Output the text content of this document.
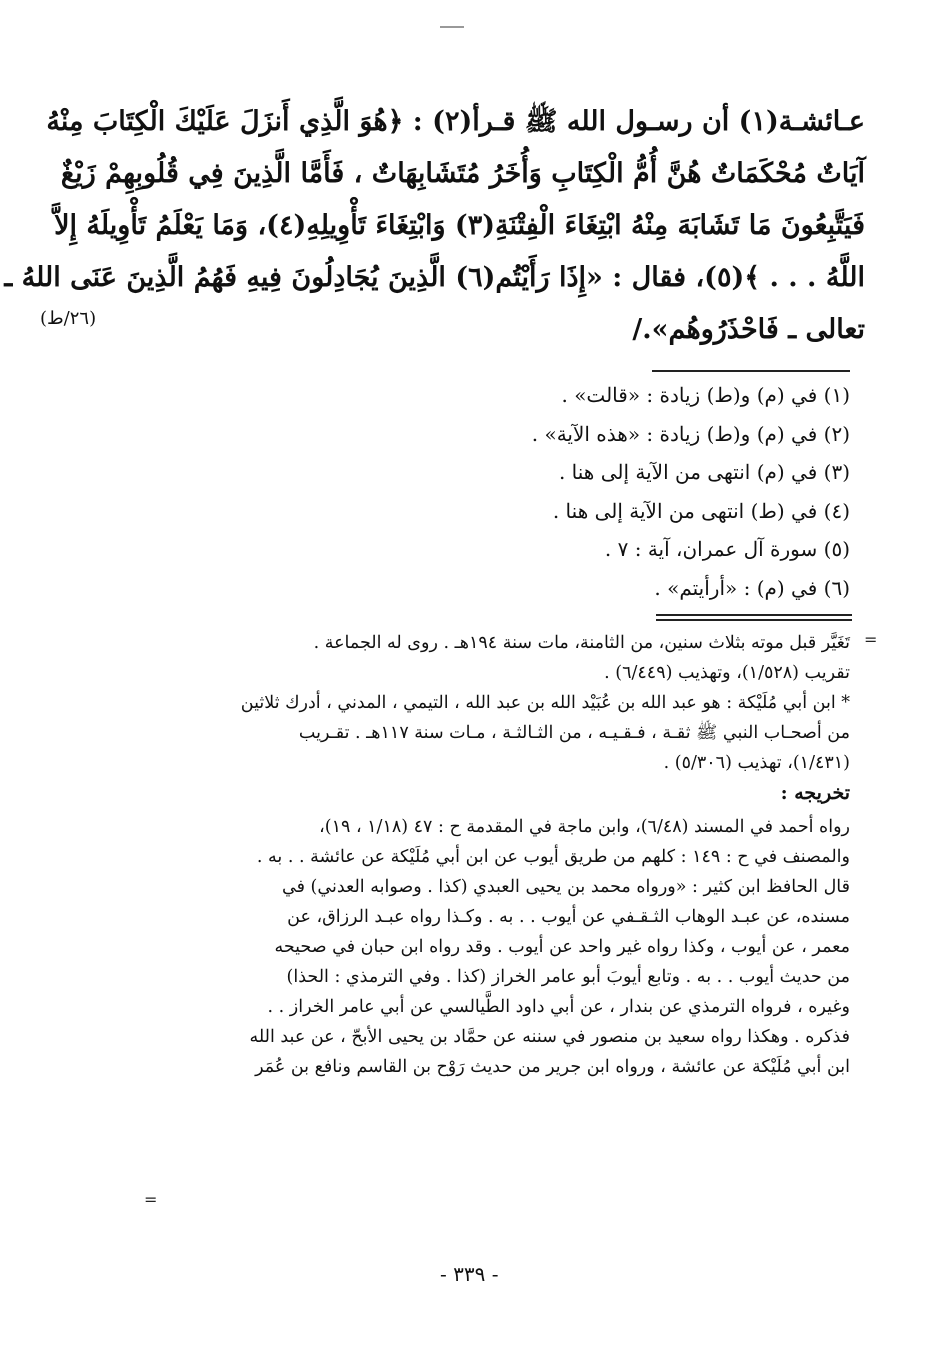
عـائشـة(١) أن رسـول الله ﷺ قـرأ(٢) : ﴿هُوَ الَّذِي أَنزَلَ عَلَيْكَ الْكِتَابَ مِنْهُ
آيَاتٌ مُحْكَمَاتٌ هُنَّ أُمُّ الْكِتَابِ وَأُخَرُ مُتَشَابِهَاتٌ ، فَأَمَّا الَّذِينَ فِي قُلُوبِهِمْ زَيْغٌ
فَيَتَّبِعُونَ مَا تَشَابَهَ مِنْهُ ابْتِغَاءَ الْفِتْنَةِ(٣) وَابْتِغَاءَ تَأْوِيلِهِ(٤)، وَمَا يَعْلَمُ تَأْوِيلَهُ إِلاَّ
اللَّهُ . . . ﴾(٥)، فقال : «إِذَا رَأَيْتُم(٦) الَّذِينَ يُجَادِلُونَ فِيهِ فَهُمُ الَّذِينَ عَنَى اللهُ ـ
تعالى ـ فَاحْذَرُوهُم»./
(٢٦/ط)
(١) في (م) و(ط) زيادة : «قالت» .
(٢) في (م) و(ط) زيادة : «هذه الآية» .
(٣) في (م) انتهى من الآية إلى هنا .
(٤) في (ط) انتهى من الآية إلى هنا .
(٥) سورة آل عمران، آية : ٧ .
(٦) في (م) : «أرأيتم» .
=
تَغَيَّر قبل موته بثلاث سنين، من الثامنة، مات سنة ١٩٤هـ . روى له الجماعة .
تقريب (١/٥٢٨)، وتهذيب (٦/٤٤٩) .
* ابن أبي مُلَيْكة : هو عبد الله بن عُبَيْد الله بن عبد الله ، التيمي ، المدني ، أدرك ثلاثين
من أصحـاب النبي ﷺ ثقـة ، فـقـيـه ، من الثـالثـة ، مـات سنة ١١٧هـ . تقـريب
(١/٤٣١)، تهذيب (٥/٣٠٦) .
تخريجه :
رواه أحمد في المسند (٦/٤٨)، وابن ماجة في المقدمة ح : ٤٧ (١/١٨ ، ١٩)،
والمصنف في ح : ١٤٩ : كلهم من طريق أيوب عن ابن أبي مُلَيْكة عن عائشة . . به .
قال الحافظ ابن كثير : «ورواه محمد بن يحيى العبدي (كذا . وصوابه العدني) في
مسنده، عن عبـد الوهاب الثـقـفي عن أيوب . . به . وكـذا رواه عبـد الرزاق، عن
معمر ، عن أيوب ، وكذا رواه غير واحد عن أيوب . وقد رواه ابن حبان في صحيحه
من حديث أيوب . . به . وتابع أيوبَ أبو عامر الخراز (كذا . وفي الترمذي : الحذا)
وغيره ، فرواه الترمذي عن بندار ، عن أبي داود الطَّيالسي عن أبي عامر الخراز . .
فذكره . وهكذا رواه سعيد بن منصور في سننه عن حمَّاد بن يحيى الأبحّ ، عن عبد الله
ابن أبي مُلَيْكة عن عائشة ، ورواه ابن جرير من حديث رَوْح بن القاسم ونافع بن عُمَر
=
- ٣٣٩ -
